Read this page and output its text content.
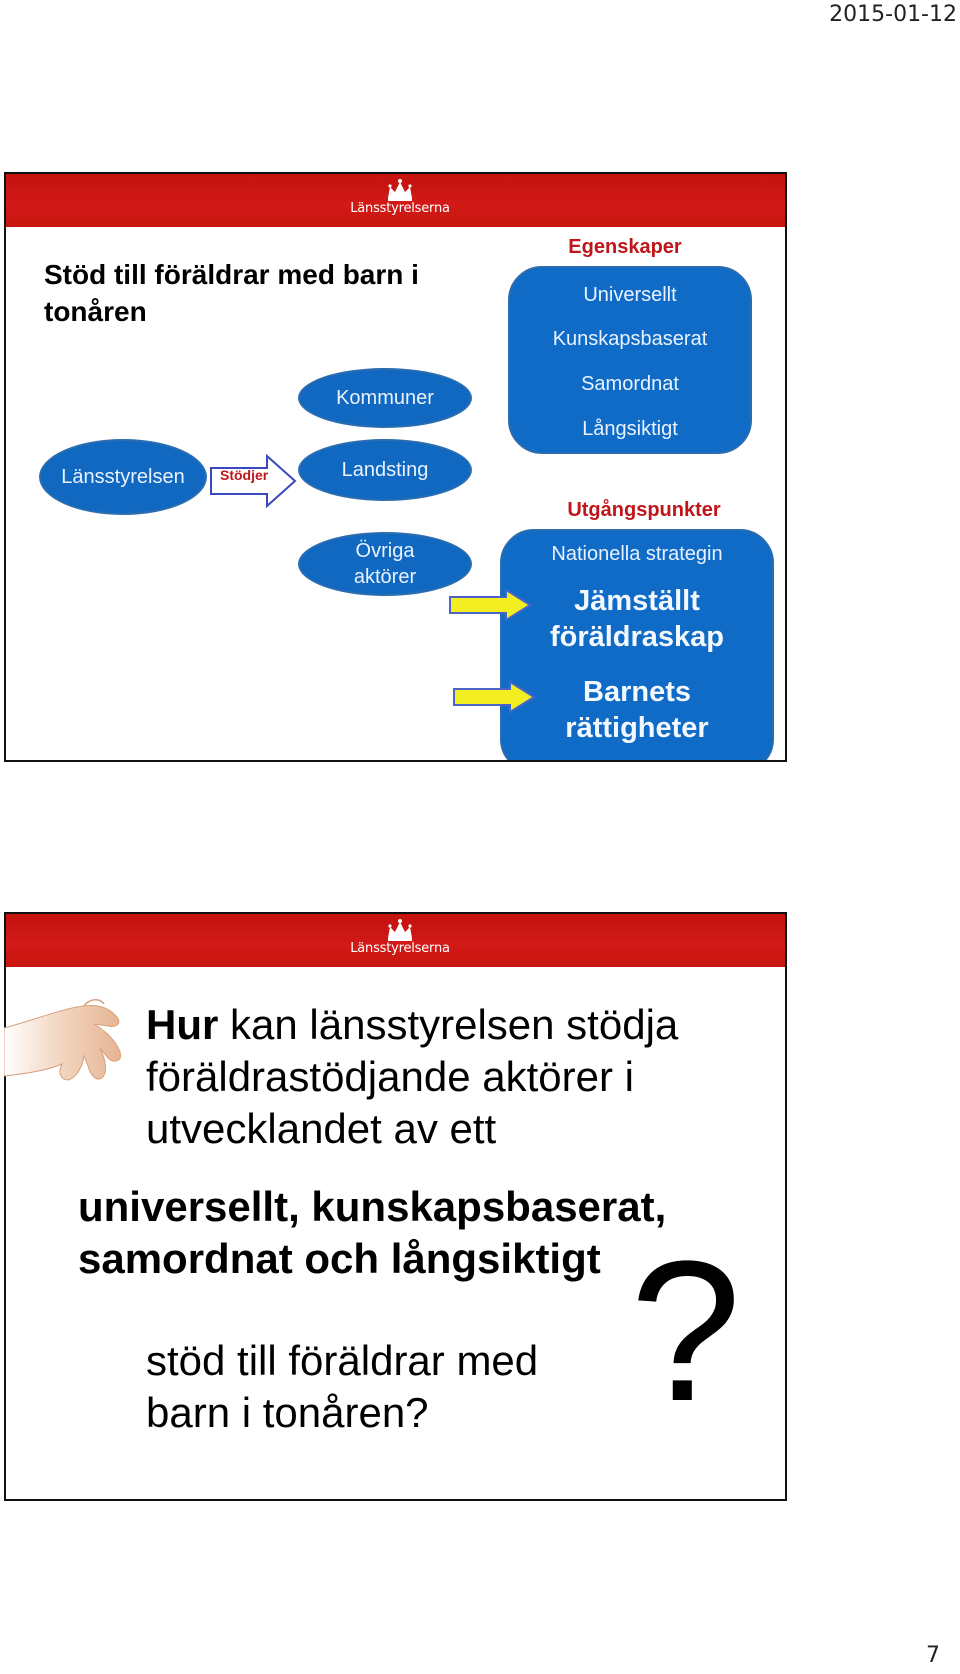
2015-01-12
Länsstyrelserna
Stöd till föräldrar med barn i tonåren
Länsstyrelsen
Kommuner
Landsting
Övriga
aktörer
Stödjer
Egenskaper
Universellt
Kunskapsbaserat
Samordnat
Långsiktigt
Utgångspunkter
Nationella strategin
Jämställt
föräldraskap
Barnets
rättigheter
Länsstyrelserna
Hur kan länsstyrelsen stödja
föräldrastödjande aktörer i
utvecklandet av ett
universellt, kunskapsbaserat,
samordnat och långsiktigt
stöd till föräldrar med
barn i tonåren? ?
7
